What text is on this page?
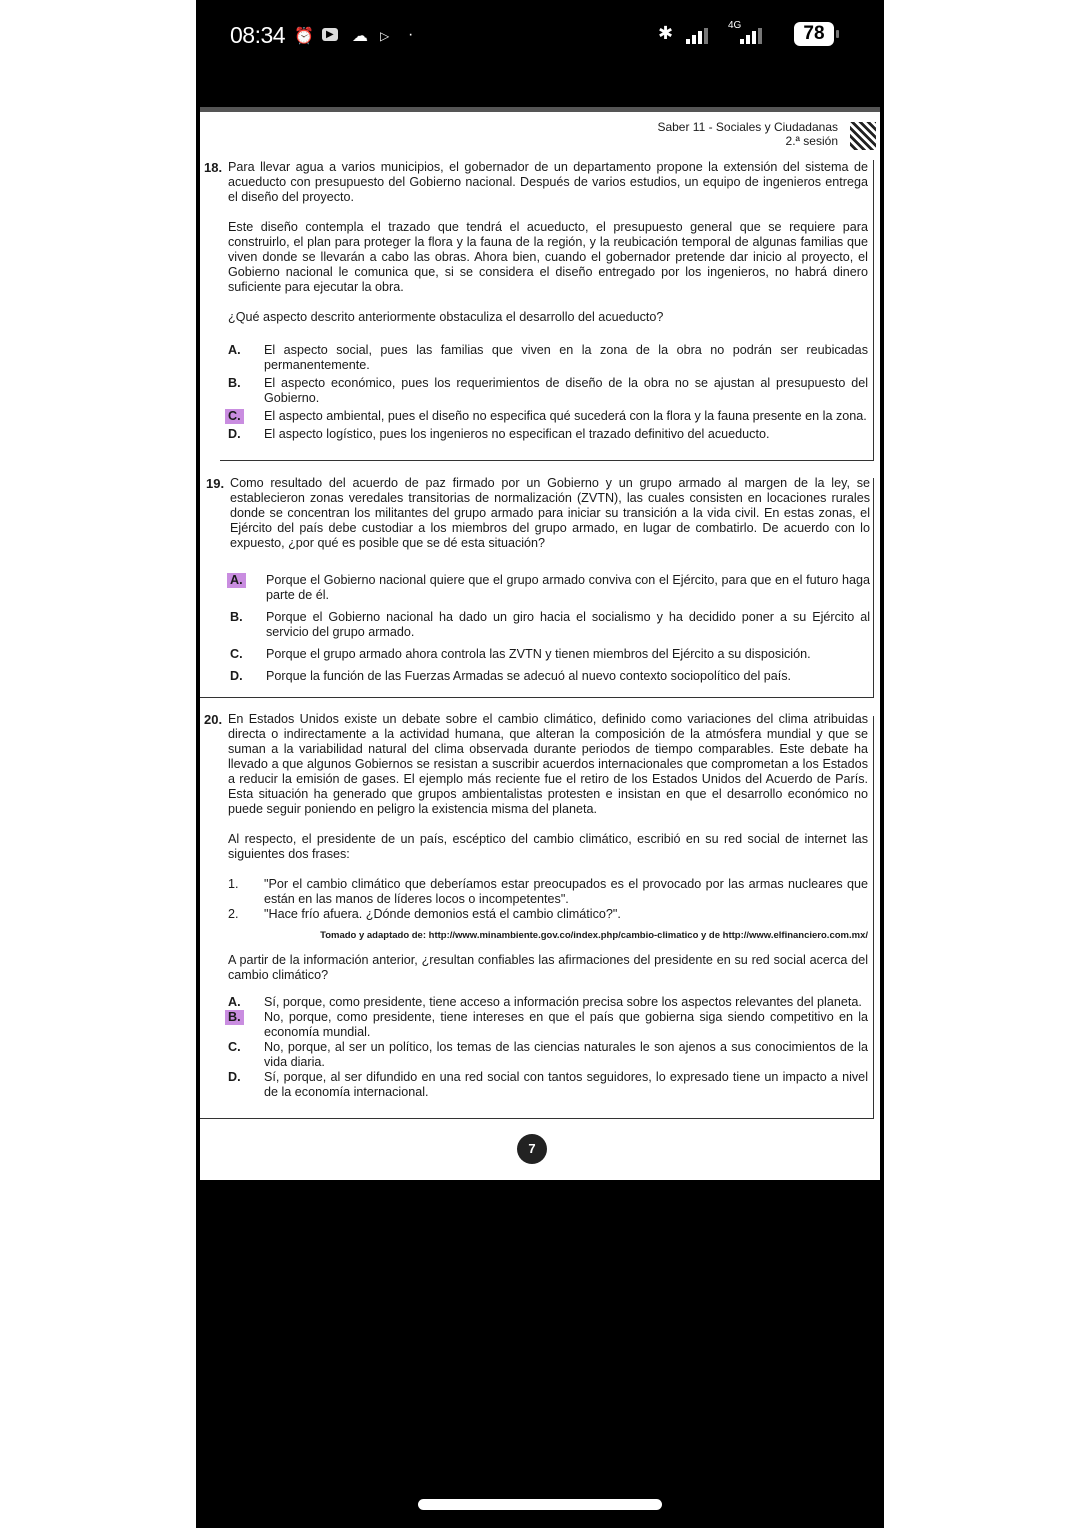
08:34 ⏰	▶ ☁ ▷ ·	✱	4G	78
Saber 11 - Sociales y Ciudadanas
2.ª sesión
18. Para llevar agua a varios municipios, el gobernador de un departamento propone la extensión del sistema de acueducto con presupuesto del Gobierno nacional. Después de varios estudios, un equipo de ingenieros entrega el diseño del proyecto.

Este diseño contempla el trazado que tendrá el acueducto, el presupuesto general que se requiere para construirlo, el plan para proteger la flora y la fauna de la región, y la reubicación temporal de algunas familias que viven donde se llevarán a cabo las obras. Ahora bien, cuando el gobernador pretende dar inicio al proyecto, el Gobierno nacional le comunica que, si se considera el diseño entregado por los ingenieros, no habrá dinero suficiente para ejecutar la obra.

¿Qué aspecto descrito anteriormente obstaculiza el desarrollo del acueducto?

A. El aspecto social, pues las familias que viven en la zona de la obra no podrán ser reubicadas permanentemente.
B. El aspecto económico, pues los requerimientos de diseño de la obra no se ajustan al presupuesto del Gobierno.
C. El aspecto ambiental, pues el diseño no especifica qué sucederá con la flora y la fauna presente en la zona.
D. El aspecto logístico, pues los ingenieros no especifican el trazado definitivo del acueducto.
19. Como resultado del acuerdo de paz firmado por un Gobierno y un grupo armado al margen de la ley, se establecieron zonas veredales transitorias de normalización (ZVTN), las cuales consisten en locaciones rurales donde se concentran los militantes del grupo armado para iniciar su transición a la vida civil. En estas zonas, el Ejército del país debe custodiar a los miembros del grupo armado, en lugar de combatirlo. De acuerdo con lo expuesto, ¿por qué es posible que se dé esta situación?

A. Porque el Gobierno nacional quiere que el grupo armado conviva con el Ejército, para que en el futuro haga parte de él.
B. Porque el Gobierno nacional ha dado un giro hacia el socialismo y ha decidido poner a su Ejército al servicio del grupo armado.
C. Porque el grupo armado ahora controla las ZVTN y tienen miembros del Ejército a su disposición.
D. Porque la función de las Fuerzas Armadas se adecuó al nuevo contexto sociopolítico del país.
20. En Estados Unidos existe un debate sobre el cambio climático, definido como variaciones del clima atribuidas directa o indirectamente a la actividad humana, que alteran la composición de la atmósfera mundial y que se suman a la variabilidad natural del clima observada durante periodos de tiempo comparables. Este debate ha llevado a que algunos Gobiernos se resistan a suscribir acuerdos internacionales que comprometan a los Estados a reducir la emisión de gases. El ejemplo más reciente fue el retiro de los Estados Unidos del Acuerdo de París. Esta situación ha generado que grupos ambientalistas protesten e insistan en que el desarrollo económico no puede seguir poniendo en peligro la existencia misma del planeta.

Al respecto, el presidente de un país, escéptico del cambio climático, escribió en su red social de internet las siguientes dos frases:

1. "Por el cambio climático que deberíamos estar preocupados es el provocado por las armas nucleares que están en las manos de líderes locos o incompetentes".
2. "Hace frío afuera. ¿Dónde demonios está el cambio climático?".
Tomado y adaptado de: http://www.minambiente.gov.co/index.php/cambio-climatico y de http://www.elfinanciero.com.mx/

A partir de la información anterior, ¿resultan confiables las afirmaciones del presidente en su red social acerca del cambio climático?

A. Sí, porque, como presidente, tiene acceso a información precisa sobre los aspectos relevantes del planeta.
B. No, porque, como presidente, tiene intereses en que el país que gobierna siga siendo competitivo en la economía mundial.
C. No, porque, al ser un político, los temas de las ciencias naturales le son ajenos a sus conocimientos de la vida diaria.
D. Sí, porque, al ser difundido en una red social con tantos seguidores, lo expresado tiene un impacto a nivel de la economía internacional.
7
